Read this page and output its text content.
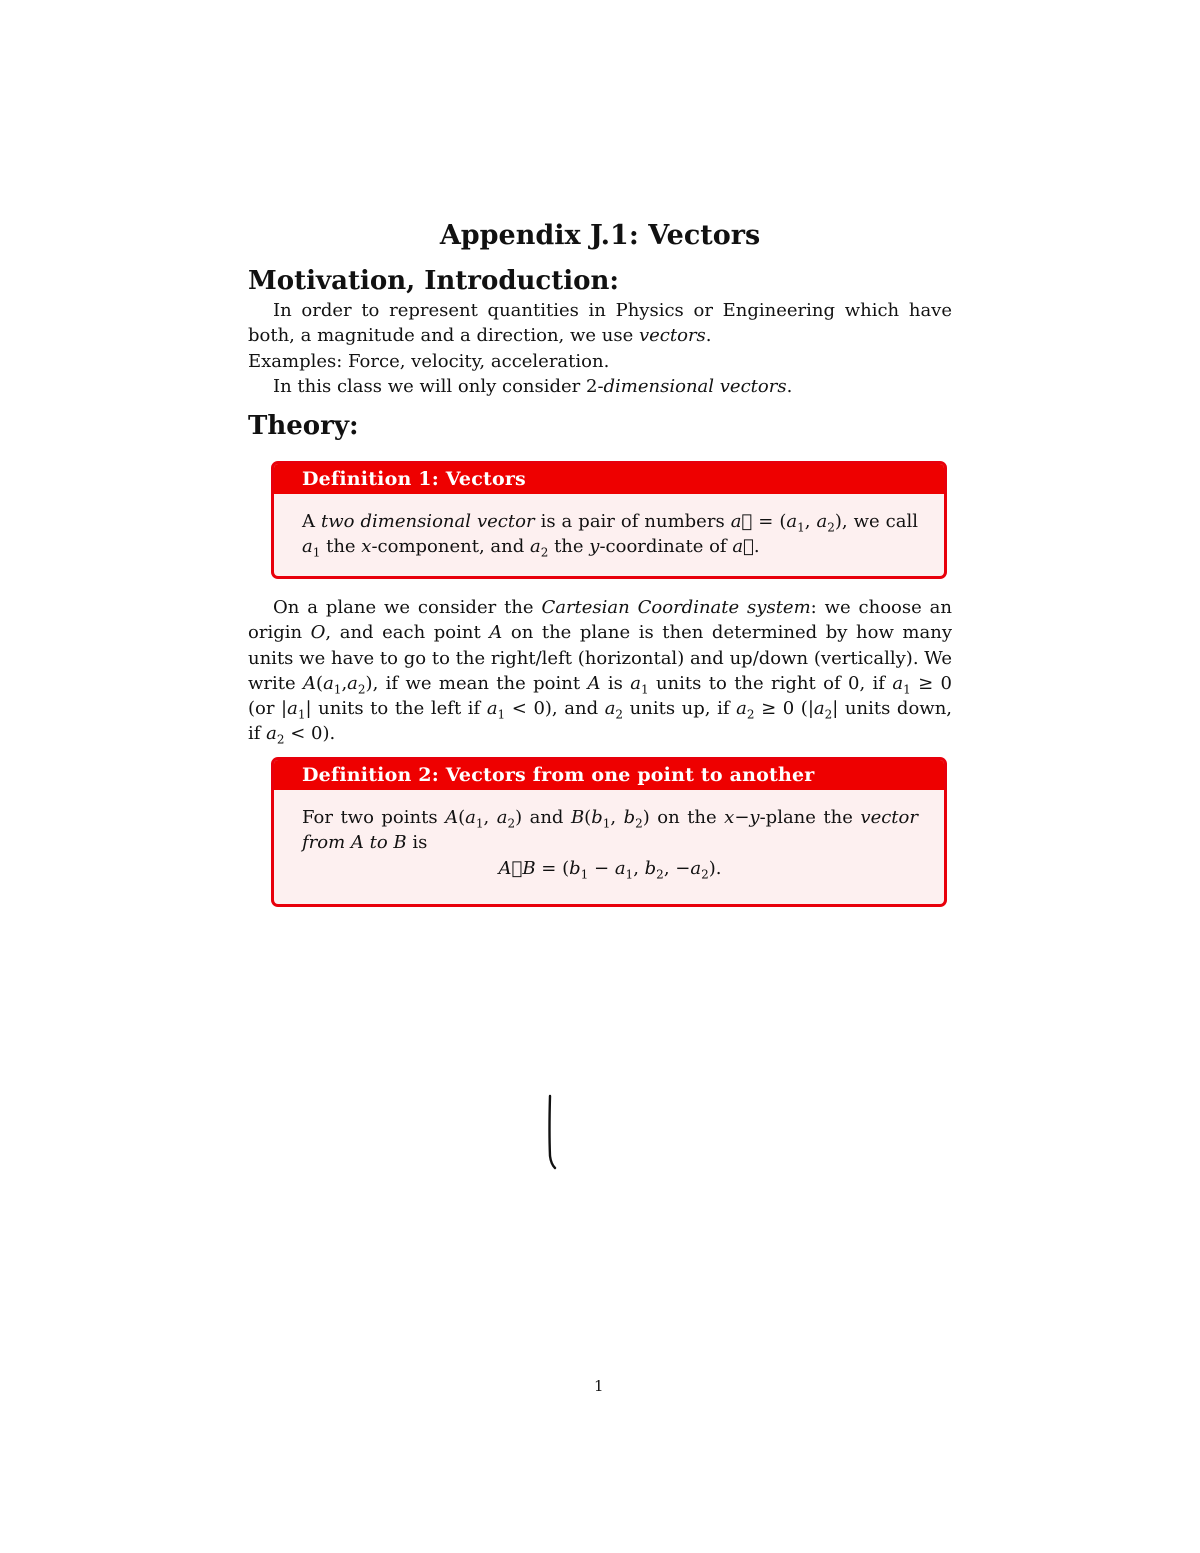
Appendix J.1: Vectors
Motivation, Introduction:

In order to represent quantities in Physics or Engineering which have both, a magnitude and a direction, we use vectors.

Examples: Force, velocity, acceleration.

In this class we will only consider 2-dimensional vectors.

Theory:
Definition 1: Vectors
A two dimensional vector is a pair of numbers a⃗ = ($a_1$, $a_2$), we call $a_1$ the x-component, and $a_2$ the y-coordinate of a⃗.

On a plane we consider the Cartesian Coordinate system: we choose an origin O, and each point A on the plane is then determined by how many units we have to go to the right/left (horizontal) and up/down (vertically). We write $A(a_1,a_2)$, if we mean the point A is $a_1$ units to the right of 0, if $a_1 \ge 0$ (or $|a_1|$ units to the left if $a_1 < 0$), and $a_2$ units up, if $a_2 \ge 0$ ($|a_2|$ units down, if $a_2 < 0$).

Definition 2: Vectors from one point to another
For two points $A(a_1$, $a_2$) and $B(b_1$, $b_2$) on the x−y-plane the vector from A to B is
A⃗B = ($b_1 - a_1$, $b_2$, $-a_2$).

1
